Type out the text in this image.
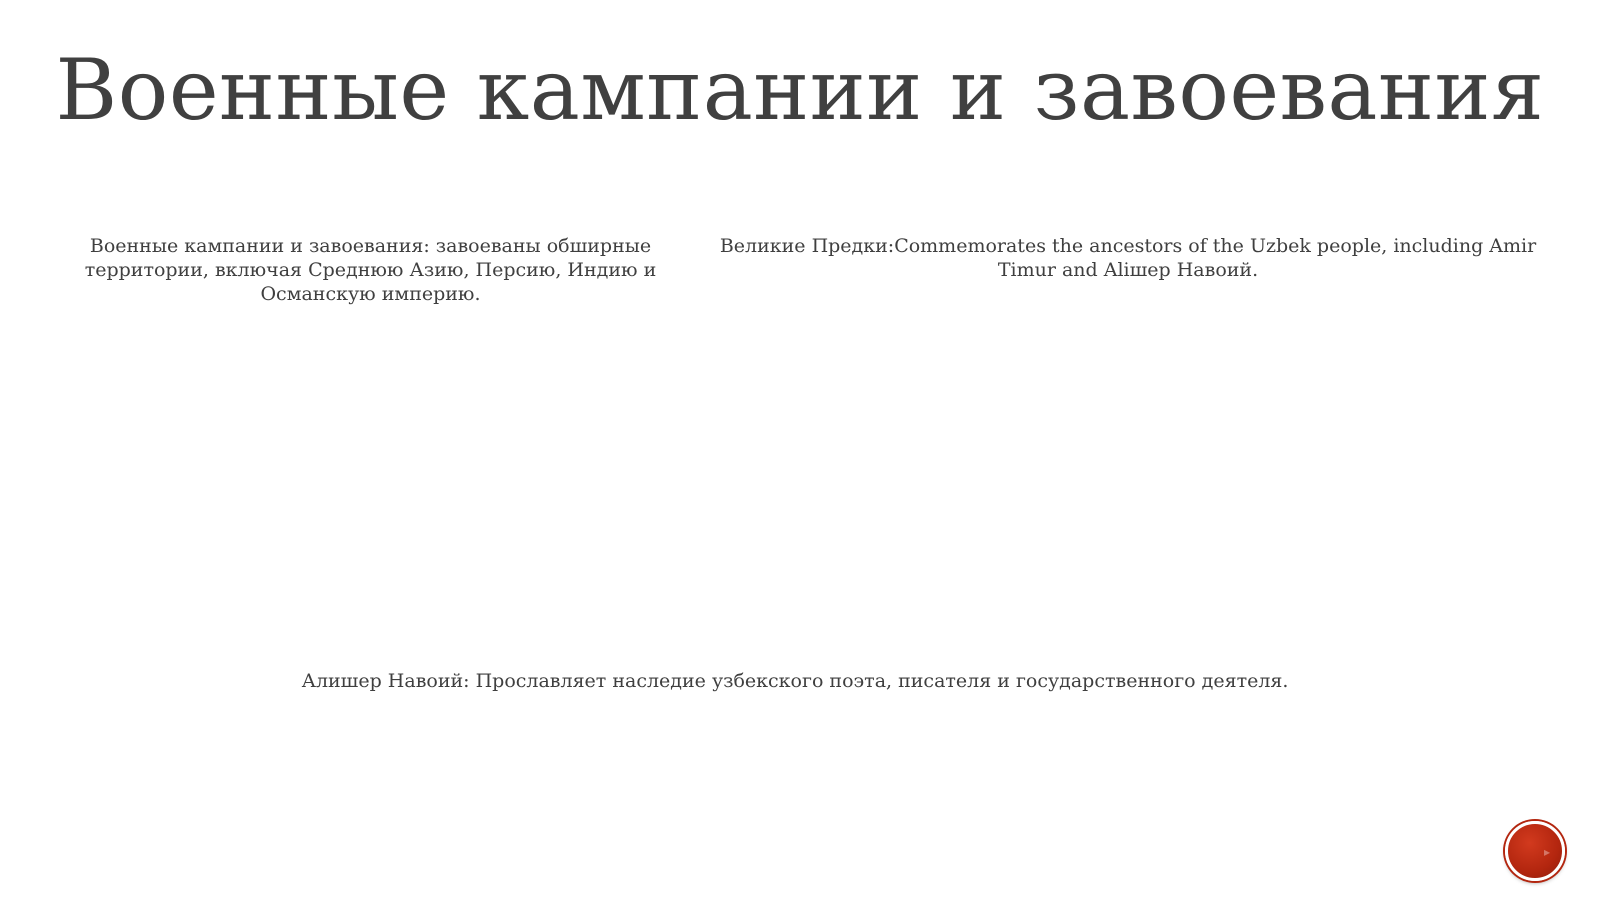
Военные кампании и завоевания

Военные кампании и завоевания: завоеваны обширные территории, включая Среднюю Азию, Персию, Индию и Османскую империю.

Великие Предки:Commemorates the ancestors of the Uzbek people, including Amir Timur and Alішер Навоий.

Алишер Навоий: Прославляет наследие узбекского поэта, писателя и государственного деятеля.

▸
